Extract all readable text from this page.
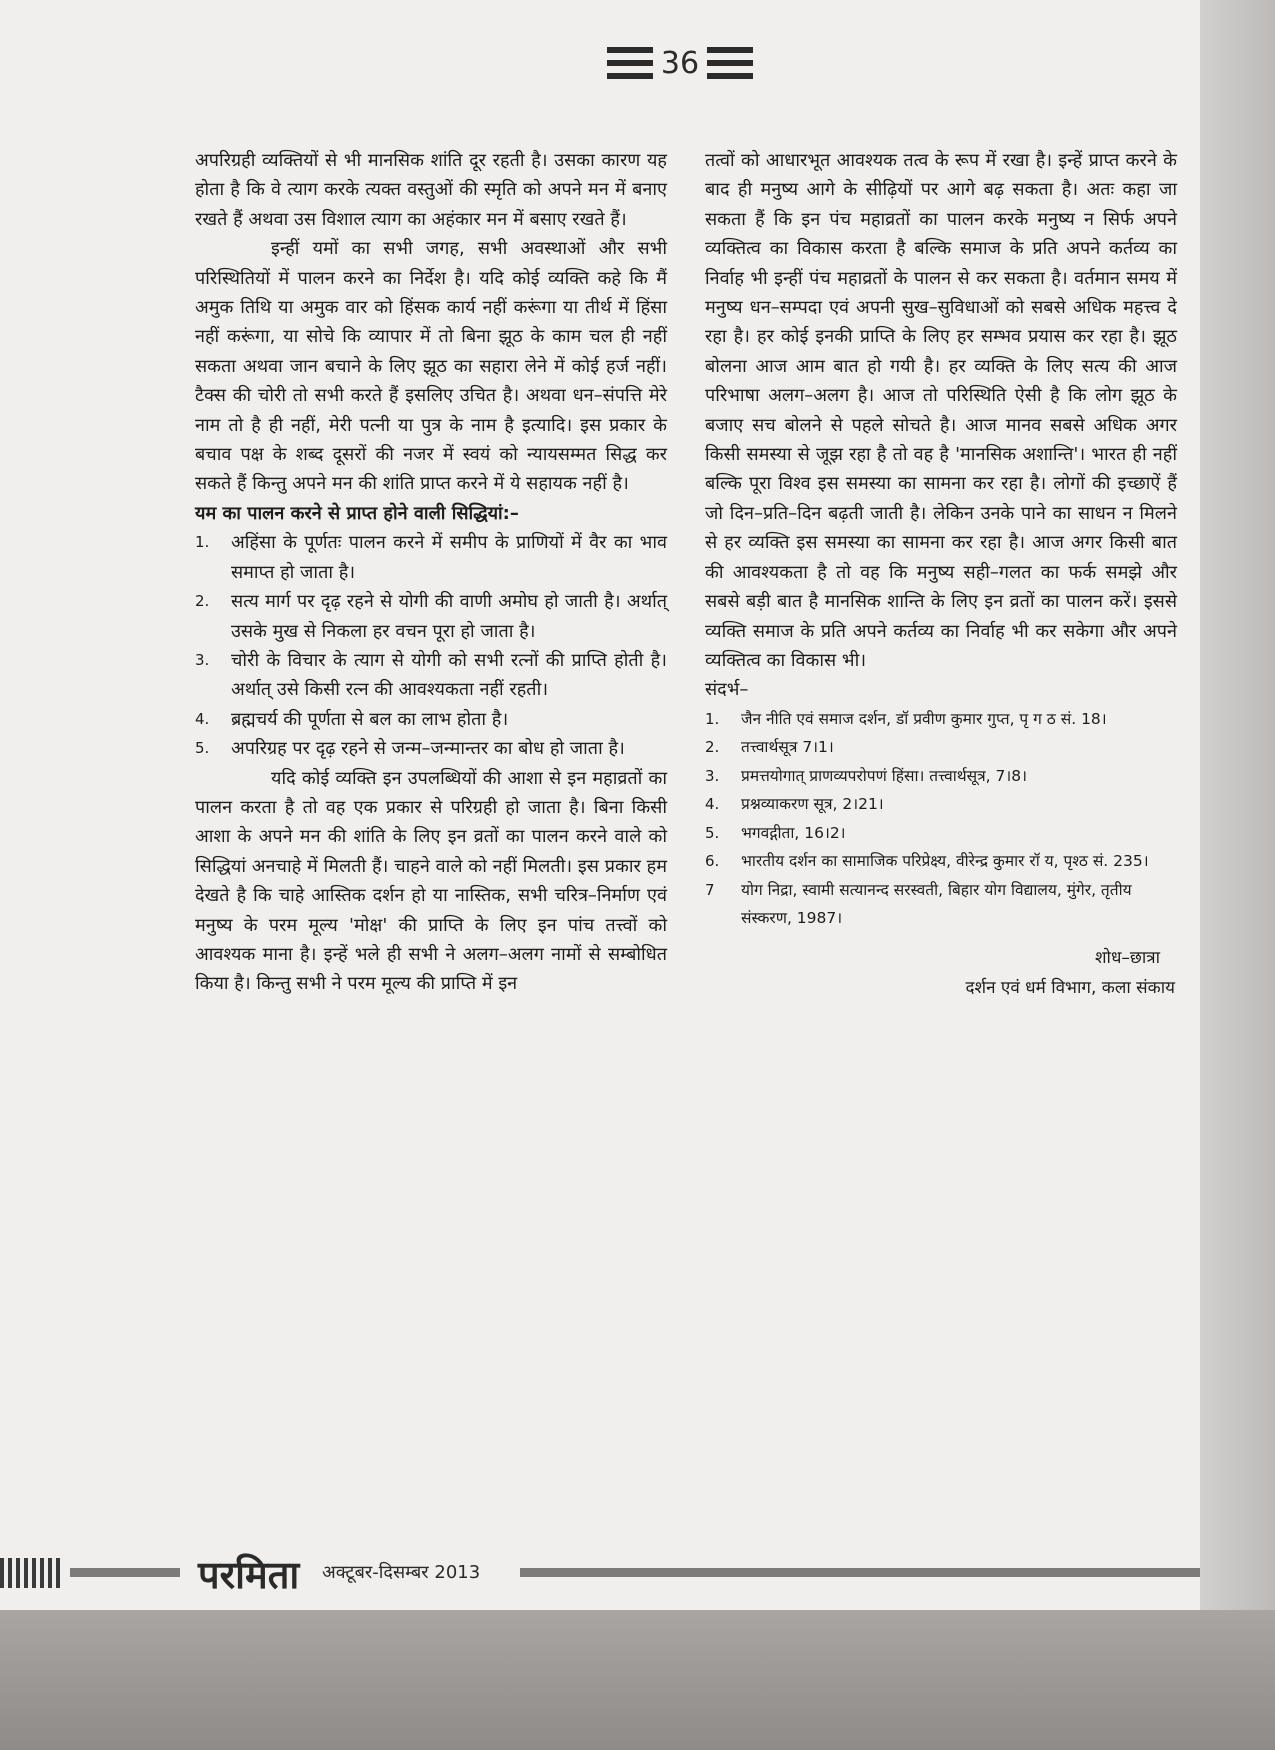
36

अपरिग्रही व्यक्तियों से भी मानसिक शांति दूर रहती है। उसका कारण यह होता है कि वे त्याग करके त्यक्त वस्तुओं की स्मृति को अपने मन में बनाए रखते हैं अथवा उस विशाल त्याग का अहंकार मन में बसाए रखते हैं।

इन्हीं यमों का सभी जगह, सभी अवस्थाओं और सभी परिस्थितियों में पालन करने का निर्देश है। यदि कोई व्यक्ति कहे कि मैं अमुक तिथि या अमुक वार को हिंसक कार्य नहीं करूंगा या तीर्थ में हिंसा नहीं करूंगा, या सोचे कि व्यापार में तो बिना झूठ के काम चल ही नहीं सकता अथवा जान बचाने के लिए झूठ का सहारा लेने में कोई हर्ज नहीं। टैक्स की चोरी तो सभी करते हैं इसलिए उचित है। अथवा धन–संपत्ति मेरे नाम तो है ही नहीं, मेरी पत्नी या पुत्र के नाम है इत्यादि। इस प्रकार के बचाव पक्ष के शब्द दूसरों की नजर में स्वयं को न्यायसम्मत सिद्ध कर सकते हैं किन्तु अपने मन की शांति प्राप्त करने में ये सहायक नहीं है।

यम का पालन करने से प्राप्त होने वाली सिद्धियां:–

1. अहिंसा के पूर्णतः पालन करने में समीप के प्राणियों में वैर का भाव समाप्त हो जाता है।
2. सत्य मार्ग पर दृढ़ रहने से योगी की वाणी अमोघ हो जाती है। अर्थात् उसके मुख से निकला हर वचन पूरा हो जाता है।
3. चोरी के विचार के त्याग से योगी को सभी रत्नों की प्राप्ति होती है। अर्थात् उसे किसी रत्न की आवश्यकता नहीं रहती।
4. ब्रह्मचर्य की पूर्णता से बल का लाभ होता है।
5. अपरिग्रह पर दृढ़ रहने से जन्म–जन्मान्तर का बोध हो जाता है।

यदि कोई व्यक्ति इन उपलब्धियों की आशा से इन महाव्रतों का पालन करता है तो वह एक प्रकार से परिग्रही हो जाता है। बिना किसी आशा के अपने मन की शांति के लिए इन व्रतों का पालन करने वाले को सिद्धियां अनचाहे में मिलती हैं। चाहने वाले को नहीं मिलती। इस प्रकार हम देखते है कि चाहे आस्तिक दर्शन हो या नास्तिक, सभी चरित्र–निर्माण एवं मनुष्य के परम मूल्य 'मोक्ष' की प्राप्ति के लिए इन पांच तत्त्वों को आवश्यक माना है। इन्हें भले ही सभी ने अलग–अलग नामों से सम्बोधित किया है। किन्तु सभी ने परम मूल्य की प्राप्ति में इन

तत्वों को आधारभूत आवश्यक तत्व के रूप में रखा है। इन्हें प्राप्त करने के बाद ही मनुष्य आगे के सीढ़ियों पर आगे बढ़ सकता है। अतः कहा जा सकता हैं कि इन पंच महाव्रतों का पालन करके मनुष्य न सिर्फ अपने व्यक्तित्व का विकास करता है बल्कि समाज के प्रति अपने कर्तव्य का निर्वाह भी इन्हीं पंच महाव्रतों के पालन से कर सकता है। वर्तमान समय में मनुष्य धन–सम्पदा एवं अपनी सुख–सुविधाओं को सबसे अधिक महत्त्व दे रहा है। हर कोई इनकी प्राप्ति के लिए हर सम्भव प्रयास कर रहा है। झूठ बोलना आज आम बात हो गयी है। हर व्यक्ति के लिए सत्य की आज परिभाषा अलग–अलग है। आज तो परिस्थिति ऐसी है कि लोग झूठ के बजाए सच बोलने से पहले सोचते है। आज मानव सबसे अधिक अगर किसी समस्या से जूझ रहा है तो वह है 'मानसिक अशान्ति'। भारत ही नहीं बल्कि पूरा विश्व इस समस्या का सामना कर रहा है। लोगों की इच्छाऐं हैं जो दिन–प्रति–दिन बढ़ती जाती है। लेकिन उनके पाने का साधन न मिलने से हर व्यक्ति इस समस्या का सामना कर रहा है। आज अगर किसी बात की आवश्यकता है तो वह कि मनुष्य सही–गलत का फर्क समझे और सबसे बड़ी बात है मानसिक शान्ति के लिए इन व्रतों का पालन करें। इससे व्यक्ति समाज के प्रति अपने कर्तव्य का निर्वाह भी कर सकेगा और अपने व्यक्तित्व का विकास भी।

संदर्भ–

1. जैन नीति एवं समाज दर्शन, डॉ प्रवीण कुमार गुप्त, पृ ग ठ सं. 18।
2. तत्त्वार्थसूत्र 7।1।
3. प्रमत्तयोगात् प्राणव्यपरोपणं हिंसा। तत्त्वार्थसूत्र, 7।8।
4. प्रश्नव्याकरण सूत्र, 2।21।
5. भगवद्गीता, 16।2।
6. भारतीय दर्शन का सामाजिक परिप्रेक्ष्य, वीरेन्द्र कुमार रॉ य, पृश्ठ सं. 235।
7 योग निद्रा, स्वामी सत्यानन्द सरस्वती, बिहार योग विद्यालय, मुंगेर, तृतीय संस्करण, 1987।
शोध–छात्रा
दर्शन एवं धर्म विभाग, कला संकाय
परमिता अक्टूबर-दिसम्बर 2013
